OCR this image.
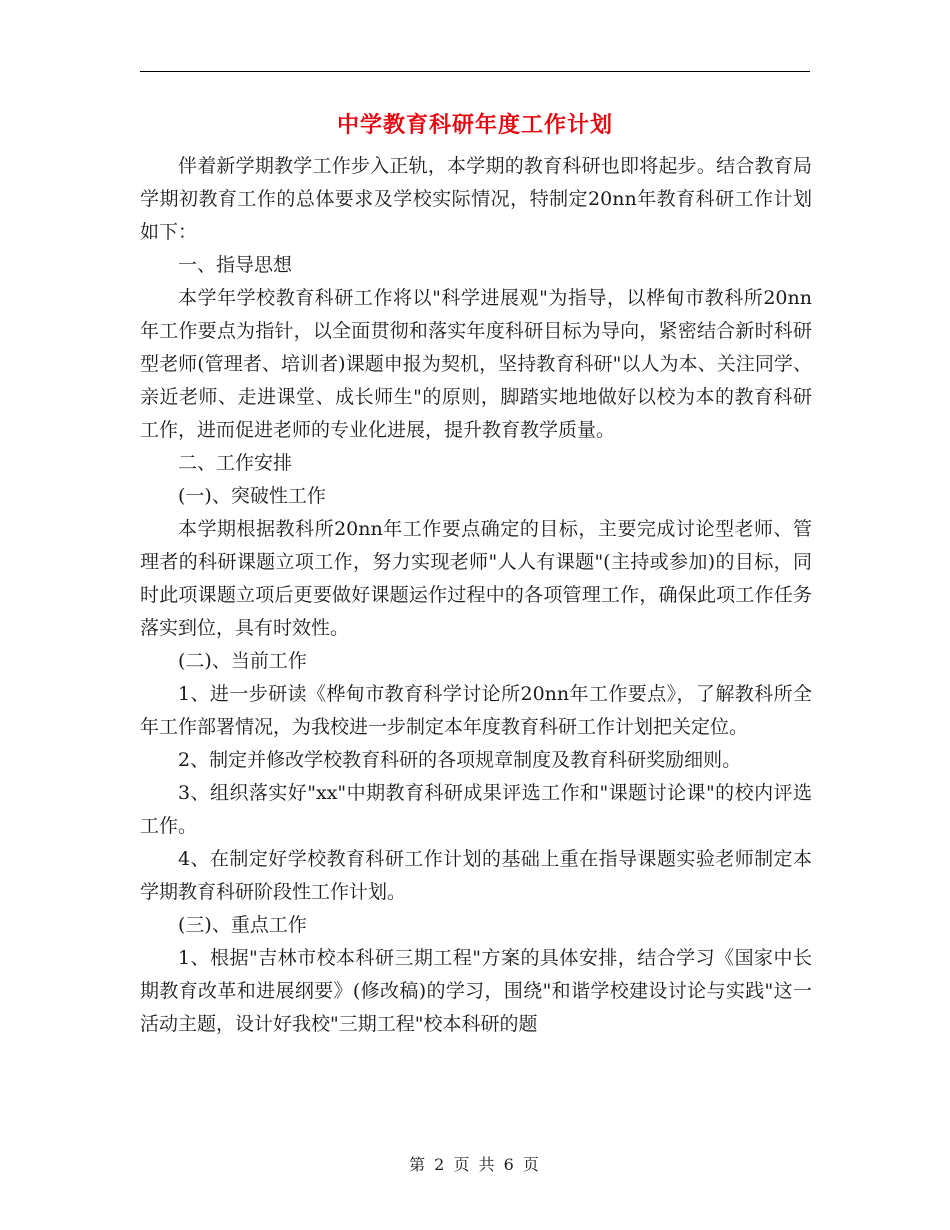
中学教育科研年度工作计划

伴着新学期教学工作步入正轨，本学期的教育科研也即将起步。结合教育局学期初教育工作的总体要求及学校实际情况，特制定20nn年教育科研工作计划如下：

一、指导思想

本学年学校教育科研工作将以"科学进展观"为指导，以桦甸市教科所20nn年工作要点为指针，以全面贯彻和落实年度科研目标为导向，紧密结合新时科研型老师(管理者、培训者)课题申报为契机，坚持教育科研"以人为本、关注同学、亲近老师、走进课堂、成长师生"的原则，脚踏实地地做好以校为本的教育科研工作，进而促进老师的专业化进展，提升教育教学质量。

二、工作安排

(一)、突破性工作

本学期根据教科所20nn年工作要点确定的目标，主要完成讨论型老师、管理者的科研课题立项工作，努力实现老师"人人有课题"(主持或参加)的目标，同时此项课题立项后更要做好课题运作过程中的各项管理工作，确保此项工作任务落实到位，具有时效性。

(二)、当前工作

1、进一步研读《桦甸市教育科学讨论所20nn年工作要点》，了解教科所全年工作部署情况，为我校进一步制定本年度教育科研工作计划把关定位。

2、制定并修改学校教育科研的各项规章制度及教育科研奖励细则。

3、组织落实好"xx"中期教育科研成果评选工作和"课题讨论课"的校内评选工作。

4、在制定好学校教育科研工作计划的基础上重在指导课题实验老师制定本学期教育科研阶段性工作计划。

(三)、重点工作

1、根据"吉林市校本科研三期工程"方案的具体安排，结合学习《国家中长期教育改革和进展纲要》(修改稿)的学习，围绕"和谐学校建设讨论与实践"这一活动主题，设计好我校"三期工程"校本科研的题

第 2 页 共 6 页
